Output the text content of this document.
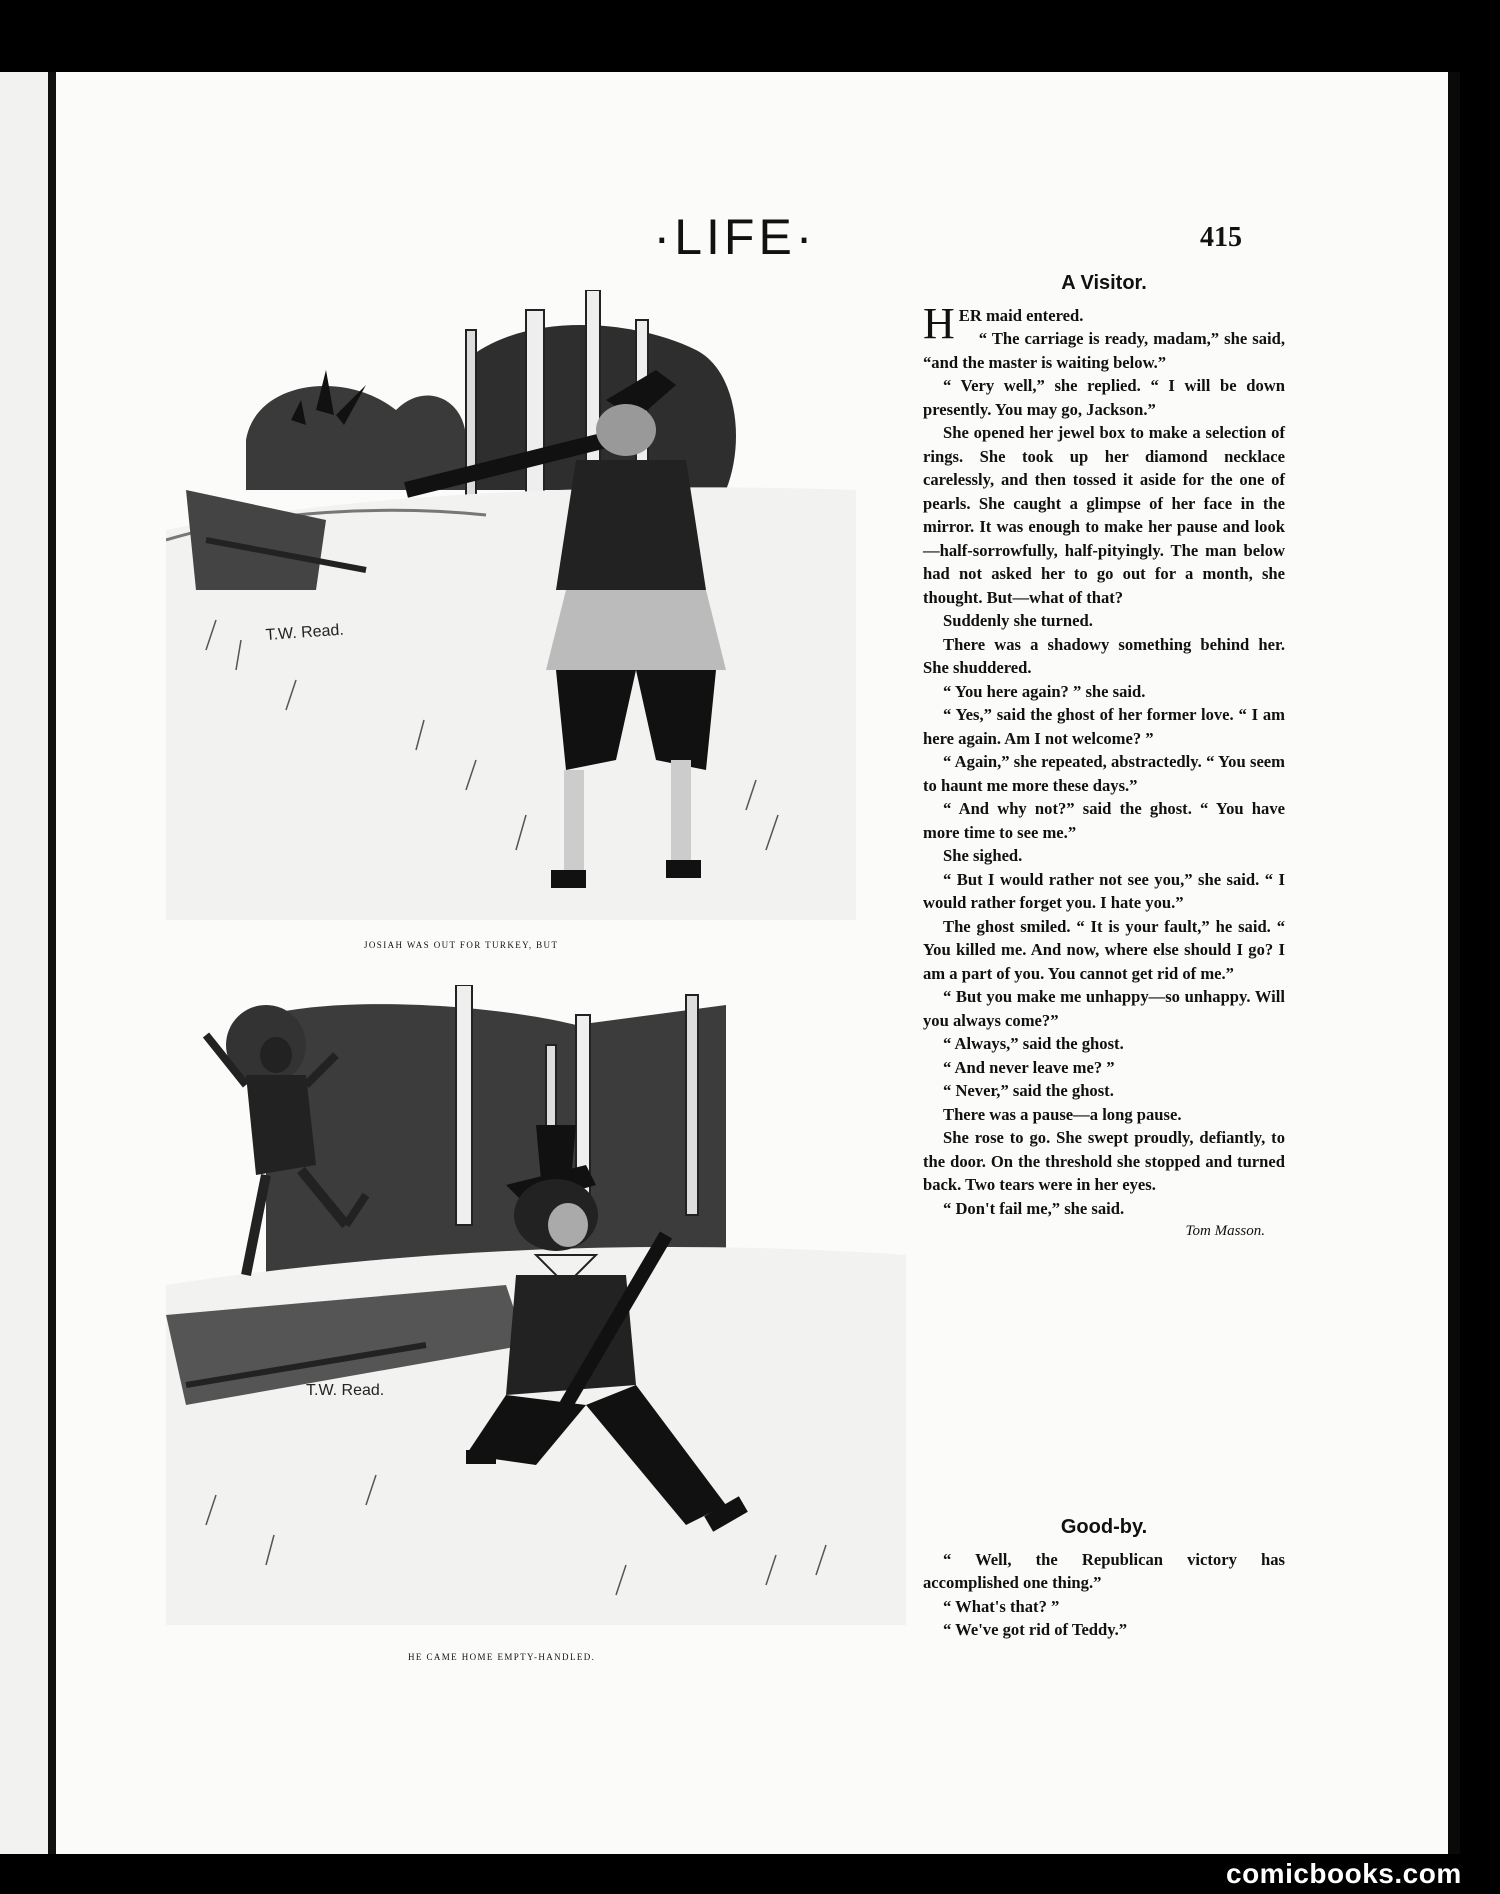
·LIFE·	415
T.W. Read.
JOSIAH WAS OUT FOR TURKEY, BUT
T.W. Read.
HE CAME HOME EMPTY-HANDLED.

A Visitor.

HER maid entered.

“ The carriage is ready, madam,” she said, “and the master is waiting below.”

“ Very well,” she replied. “ I will be down presently. You may go, Jackson.”

She opened her jewel box to make a selection of rings. She took up her diamond necklace carelessly, and then tossed it aside for the one of pearls. She caught a glimpse of her face in the mirror. It was enough to make her pause and look—half-sorrowfully, half-pityingly. The man below had not asked her to go out for a month, she thought. But—what of that?

Suddenly she turned.

There was a shadowy something behind her. She shuddered.

“ You here again? ” she said.

“ Yes,” said the ghost of her former love. “ I am here again. Am I not welcome? ”

“ Again,” she repeated, abstractedly. “ You seem to haunt me more these days.”

“ And why not?” said the ghost. “ You have more time to see me.”

She sighed.

“ But I would rather not see you,” she said. “ I would rather forget you. I hate you.”

The ghost smiled. “ It is your fault,” he said. “ You killed me. And now, where else should I go? I am a part of you. You cannot get rid of me.”

“ But you make me unhappy—so unhappy. Will you always come?”

“ Always,” said the ghost.

“ And never leave me? ”

“ Never,” said the ghost.

There was a pause—a long pause.

She rose to go. She swept proudly, defiantly, to the door. On the threshold she stopped and turned back. Two tears were in her eyes.

“ Don't fail me,” she said.

Tom Masson.

Good-by.

“ Well, the Republican victory has accomplished one thing.”

“ What's that? ”

“ We've got rid of Teddy.”

comicbooks.com
